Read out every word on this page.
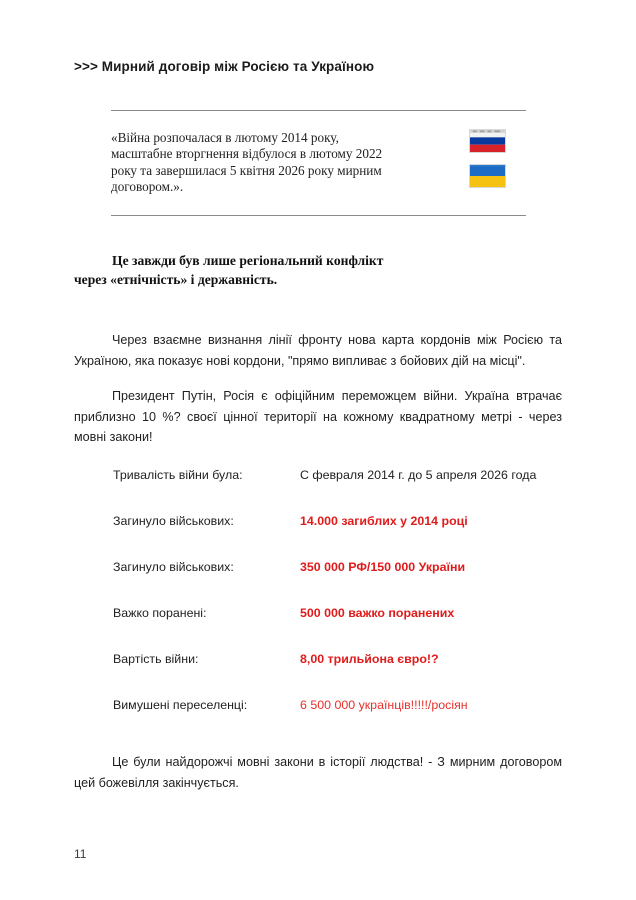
>>> Мирний договір між Росією та Україною
«Війна розпочалася в лютому 2014 року,
масштабне вторгнення відбулося в лютому 2022
року та завершилася 5 квітня 2026 року мирним
договором.».
Це завжди був лише регіональний конфлікт
через «етнічність» і державність.
Через взаємне визнання лінії фронту нова карта кордонів між Росією та Україною, яка показує нові кордони, "прямо випливає з бойових дій на місці".
Президент Путін, Росія є офіційним переможцем війни. Україна втрачає приблизно 10 %? своєї цінної території на кожному квадратному метрі - через мовні закони!
Тривалість війни була:	С февраля 2014 г. до 5 апреля 2026 года
Загинуло військових:	14.000 загиблих у 2014 році
Загинуло військових:	350 000 РФ/150 000 України
Важко поранені:	500 000 важко поранених
Вартість війни:	8,00 трильйона євро!?
Вимушені переселенці:	6 500 000 українців!!!!!/росіян
Це були найдорожчі мовні закони в історії людства! - З мирним договором цей божевілля закінчується.
11
